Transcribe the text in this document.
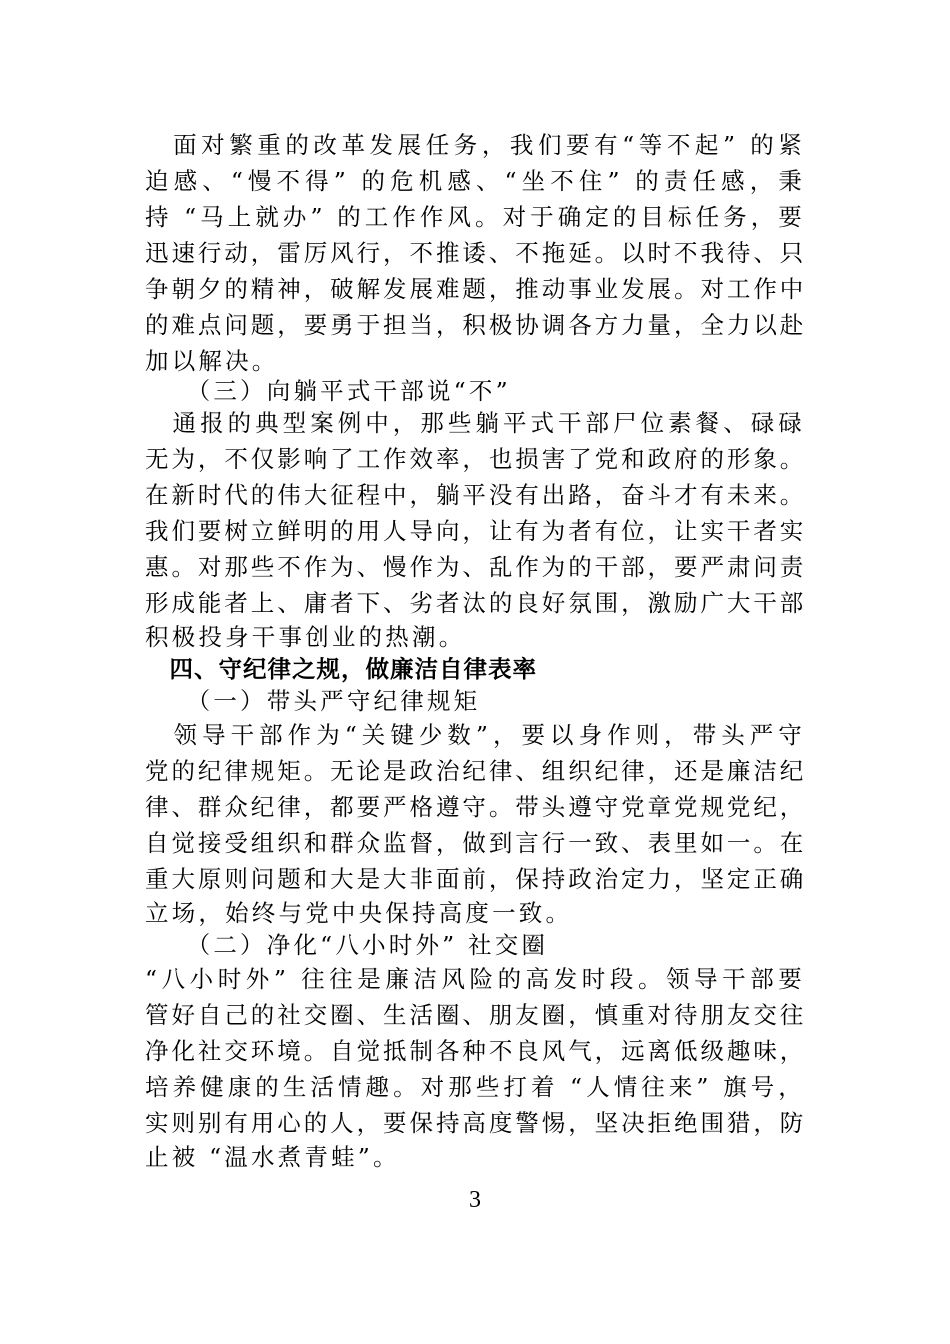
　面对繁重的改革发展任务，我们要有“等不起” 的紧
迫感、“慢不得” 的危机感、“坐不住” 的责任感，秉
持 “马上就办” 的工作作风。对于确定的目标任务，要
迅速行动，雷厉风行，不推诿、不拖延。以时不我待、只
争朝夕的精神，破解发展难题，推动事业发展。对工作中
的难点问题，要勇于担当，积极协调各方力量，全力以赴
加以解决。
　　（三）向躺平式干部说“不”
　通报的典型案例中，那些躺平式干部尸位素餐、碌碌
无为，不仅影响了工作效率，也损害了党和政府的形象。
在新时代的伟大征程中，躺平没有出路，奋斗才有未来。
我们要树立鲜明的用人导向，让有为者有位，让实干者实
惠。对那些不作为、慢作为、乱作为的干部，要严肃问责
形成能者上、庸者下、劣者汰的良好氛围，激励广大干部
积极投身干事创业的热潮。
　四、守纪律之规，做廉洁自律表率
　　（一）带头严守纪律规矩
　领导干部作为“关键少数”，要以身作则，带头严守
党的纪律规矩。无论是政治纪律、组织纪律，还是廉洁纪
律、群众纪律，都要严格遵守。带头遵守党章党规党纪，
自觉接受组织和群众监督，做到言行一致、表里如一。在
重大原则问题和大是大非面前，保持政治定力，坚定正确
立场，始终与党中央保持高度一致。
　　（二）净化“八小时外” 社交圈
“八小时外” 往往是廉洁风险的高发时段。领导干部要
管好自己的社交圈、生活圈、朋友圈，慎重对待朋友交往
净化社交环境。自觉抵制各种不良风气，远离低级趣味，
培养健康的生活情趣。对那些打着 “人情往来” 旗号，
实则别有用心的人，要保持高度警惕，坚决拒绝围猎，防
止被 “温水煮青蛙”。
3
